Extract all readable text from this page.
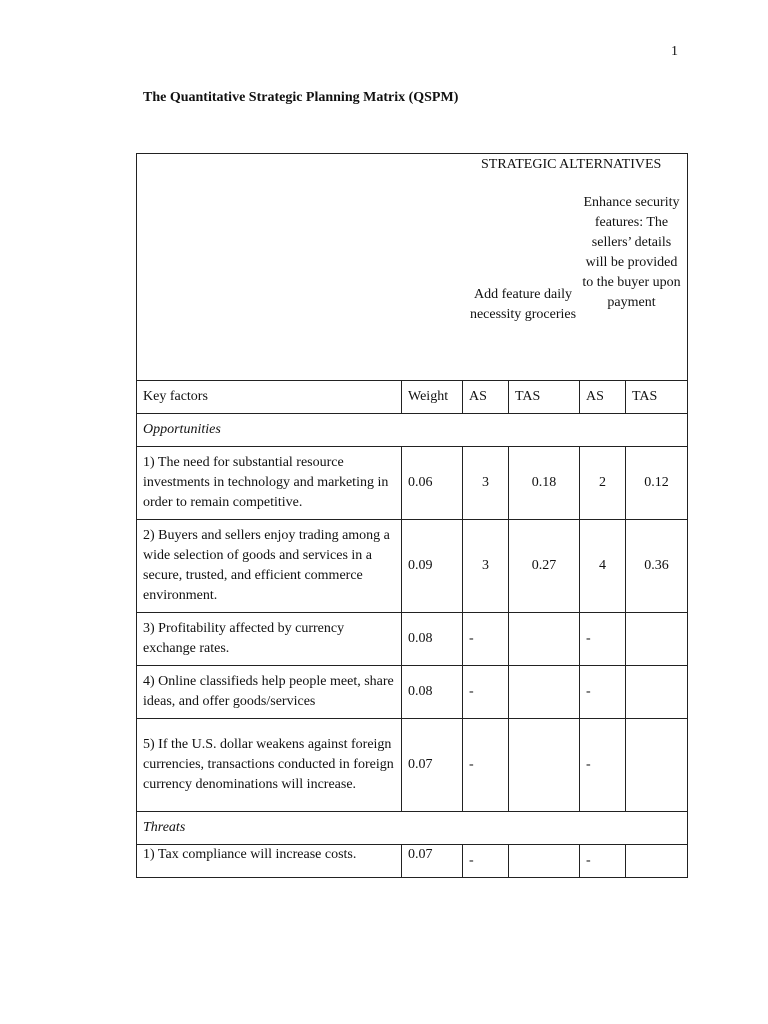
1
The Quantitative Strategic Planning Matrix (QSPM)
STRATEGIC ALTERNATIVES
Add feature daily necessity groceries
Enhance security features: The sellers’ details will be provided to the buyer upon payment					

Key factors	Weight	AS	TAS	AS	TAS
Opportunities					
1) The need for substantial resource investments in technology and marketing in order to remain competitive.	0.06	3	0.18	2	0.12
2) Buyers and sellers enjoy trading among a wide selection of goods and services in a secure, trusted, and efficient commerce environment.	0.09	3	0.27	4	0.36
3) Profitability affected by currency exchange rates.	0.08	-		-	
4) Online classifieds help people meet, share ideas, and offer goods/services	0.08	-		-	
5) If the U.S. dollar weakens against foreign currencies, transactions conducted in foreign currency denominations will increase.	0.07	-		-	
Threats					
1) Tax compliance will increase costs.	0.07	-		-	
